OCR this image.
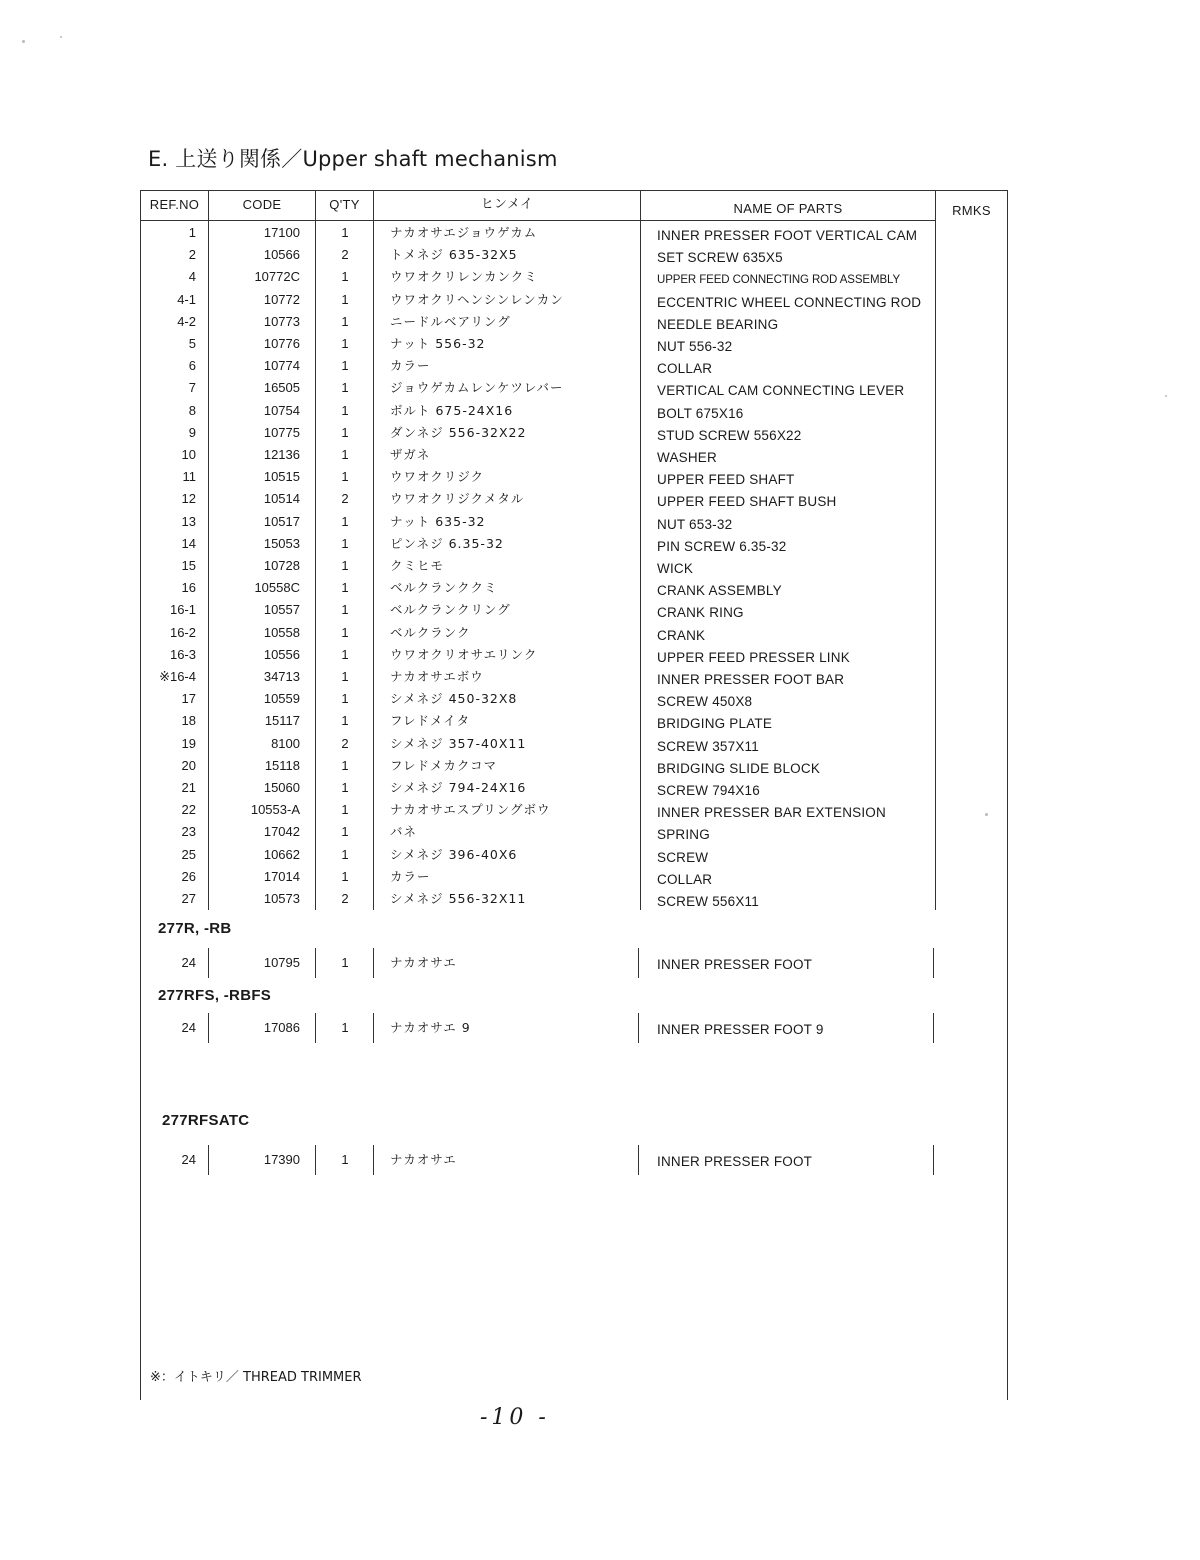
E. 上送り関係／Upper shaft mechanism
REF.NO	CODE	Q'TY	ヒンメイ	NAME OF PARTS	RMKS
1	17100	1	ナカオサエジョウゲカム	INNER PRESSER FOOT VERTICAL CAM
2	10566	2	トメネジ 635-32X5	SET SCREW 635X5
4	10772C	1	ウワオクリレンカンクミ	UPPER FEED CONNECTING ROD ASSEMBLY
4-1	10772	1	ウワオクリヘンシンレンカン	ECCENTRIC WHEEL CONNECTING ROD
4-2	10773	1	ニードルベアリング	NEEDLE BEARING
5	10776	1	ナット 556-32	NUT 556-32
6	10774	1	カラー	COLLAR
7	16505	1	ジョウゲカムレンケツレバー	VERTICAL CAM CONNECTING LEVER
8	10754	1	ボルト 675-24X16	BOLT 675X16
9	10775	1	ダンネジ 556-32X22	STUD SCREW 556X22
10	12136	1	ザガネ	WASHER
11	10515	1	ウワオクリジク	UPPER FEED SHAFT
12	10514	2	ウワオクリジクメタル	UPPER FEED SHAFT BUSH
13	10517	1	ナット 635-32	NUT 653-32
14	15053	1	ピンネジ 6.35-32	PIN SCREW 6.35-32
15	10728	1	クミヒモ	WICK
16	10558C	1	ベルクランククミ	CRANK ASSEMBLY
16-1	10557	1	ベルクランクリング	CRANK RING
16-2	10558	1	ベルクランク	CRANK
16-3	10556	1	ウワオクリオサエリンク	UPPER FEED PRESSER LINK
※16-4	34713	1	ナカオサエボウ	INNER PRESSER FOOT BAR
17	10559	1	シメネジ 450-32X8	SCREW 450X8
18	15117	1	フレドメイタ	BRIDGING PLATE
19	8100	2	シメネジ 357-40X11	SCREW 357X11
20	15118	1	フレドメカクコマ	BRIDGING SLIDE BLOCK
21	15060	1	シメネジ 794-24X16	SCREW 794X16
22	10553-A	1	ナカオサエスプリングボウ	INNER PRESSER BAR EXTENSION
23	17042	1	バネ	SPRING
25	10662	1	シメネジ 396-40X6	SCREW
26	17014	1	カラー	COLLAR
27	10573	2	シメネジ 556-32X11	SCREW 556X11
277R, -RB
24	10795	1	ナカオサエ	INNER PRESSER FOOT
277RFS, -RBFS
24	17086	1	ナカオサエ 9	INNER PRESSER FOOT 9
277RFSATC
24	17390	1	ナカオサエ	INNER PRESSER FOOT
※：イトキリ／ THREAD TRIMMER
-10 -
